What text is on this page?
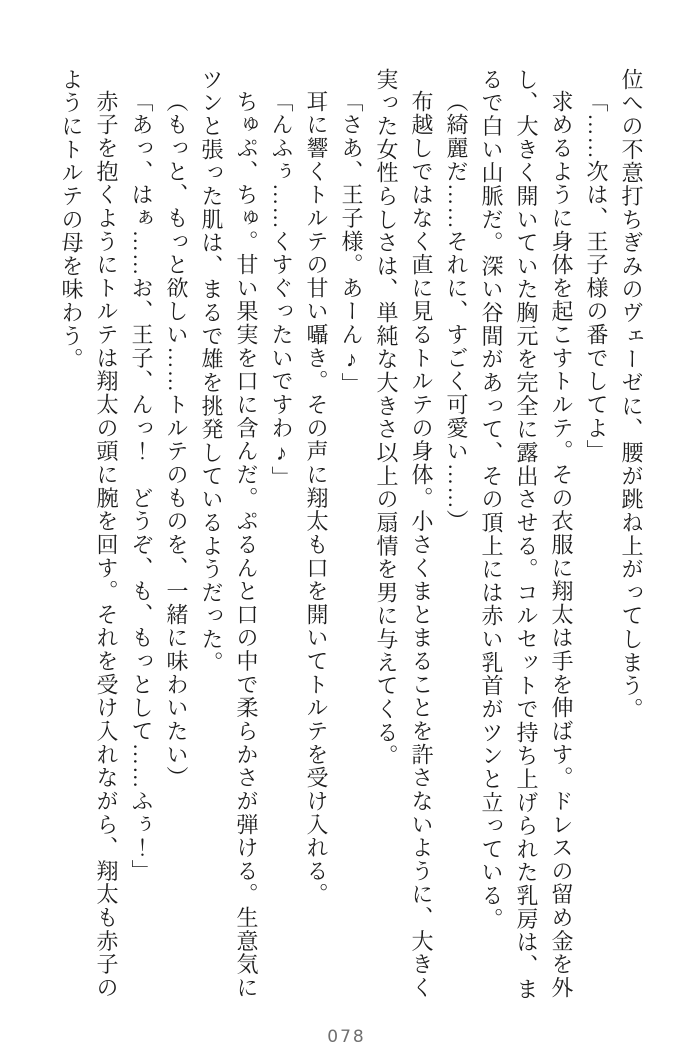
位への不意打ちぎみのヴェーゼに、腰が跳ね上がってしまう。

「……次は、王子様の番でしてよ」

求めるように身体を起こすトルテ。その衣服に翔太は手を伸ばす。ドレスの留め金を外し、大きく開いていた胸元を完全に露出させる。コルセットで持ち上げられた乳房は、まるで白い山脈だ。深い谷間があって、その頂上には赤い乳首がツンと立っている。

（綺麗だ……それに、すごく可愛い……）

布越しではなく直に見るトルテの身体。小さくまとまることを許さないように、大きく実った女性らしさは、単純な大きさ以上の扇情を男に与えてくる。

「さあ、王子様。あーん♪」

耳に響くトルテの甘い囁き。その声に翔太も口を開いてトルテを受け入れる。

「んふぅ……くすぐったいですわ♪」

ちゅぷ、ちゅ。甘い果実を口に含んだ。ぷるんと口の中で柔らかさが弾ける。生意気にツンと張った肌は、まるで雄を挑発しているようだった。

（もっと、もっと欲しい……トルテのものを、一緒に味わいたい）

「あっ、はぁ……お、王子、んっ！　どうぞ、も、もっとして……ふぅ！」

赤子を抱くようにトルテは翔太の頭に腕を回す。それを受け入れながら、翔太も赤子のようにトルテの母を味わう。

078
